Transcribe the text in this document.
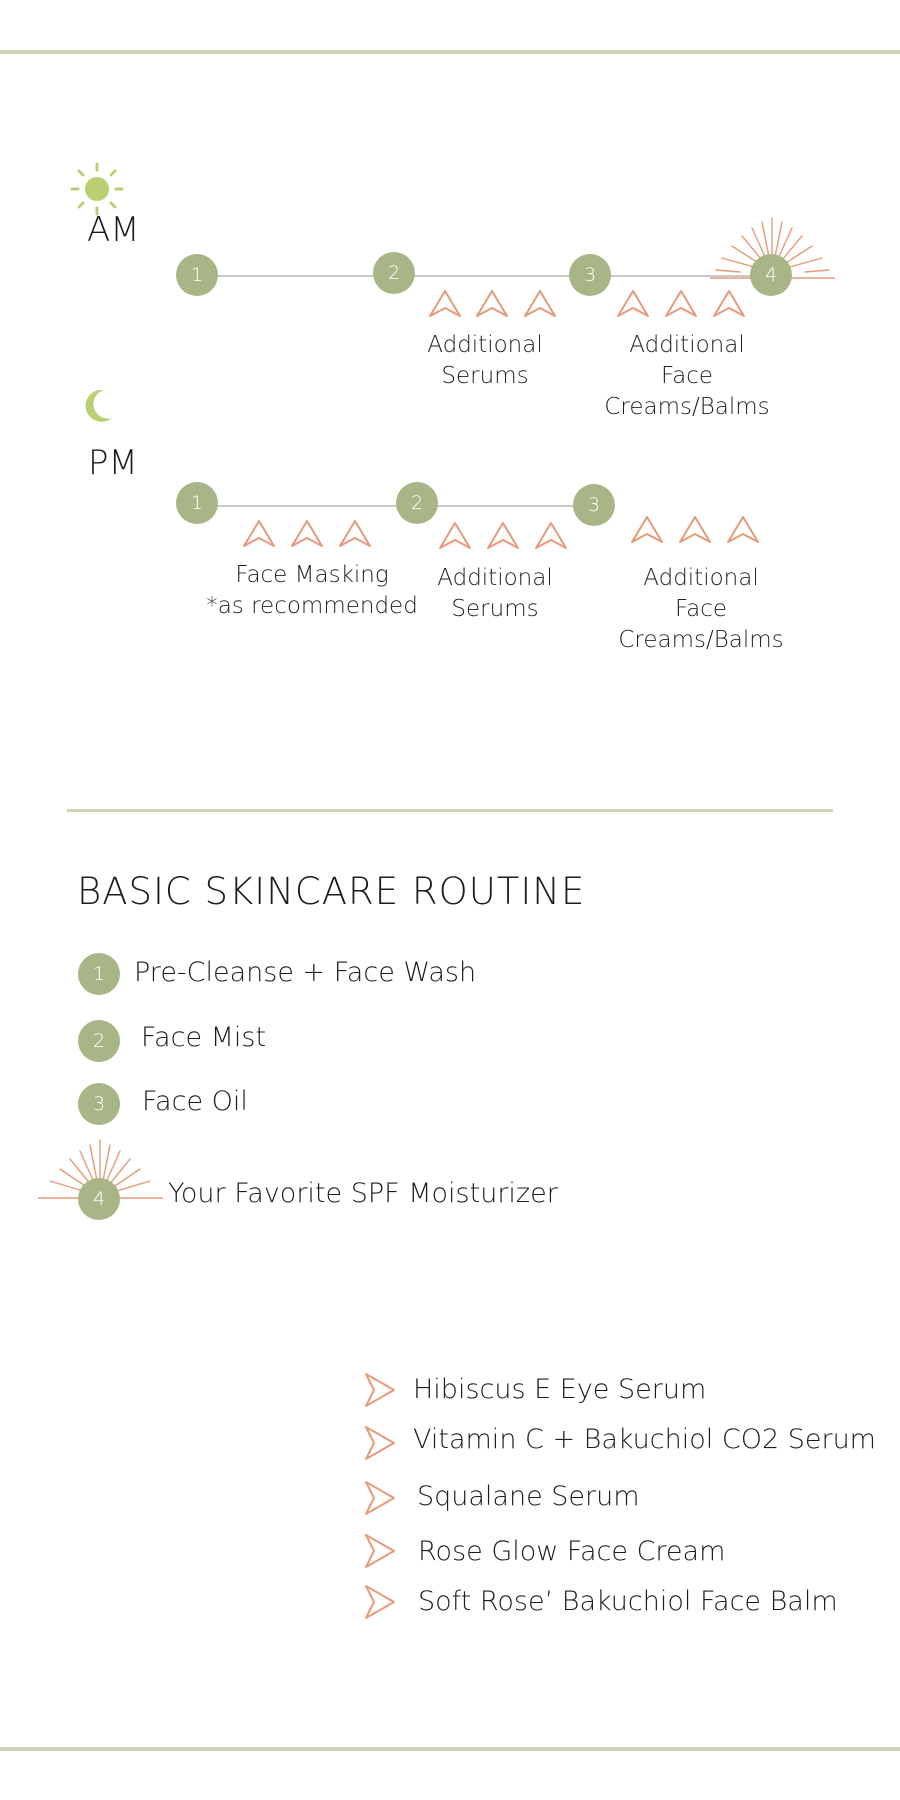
AM
1	2	3	4
Additional
Serums
Additional
Face
Creams/Balms
PM
1	2	3
Face Masking
*as recommended
Additional
Serums
Additional
Face
Creams/Balms
BASIC SKINCARE ROUTINE
1	Pre-Cleanse + Face Wash
2	Face Mist
3	Face Oil
4	Your Favorite SPF Moisturizer
Hibiscus E Eye Serum
Vitamin C + Bakuchiol CO2 Serum
Squalane Serum
Rose Glow Face Cream
Soft Rose’ Bakuchiol Face Balm
